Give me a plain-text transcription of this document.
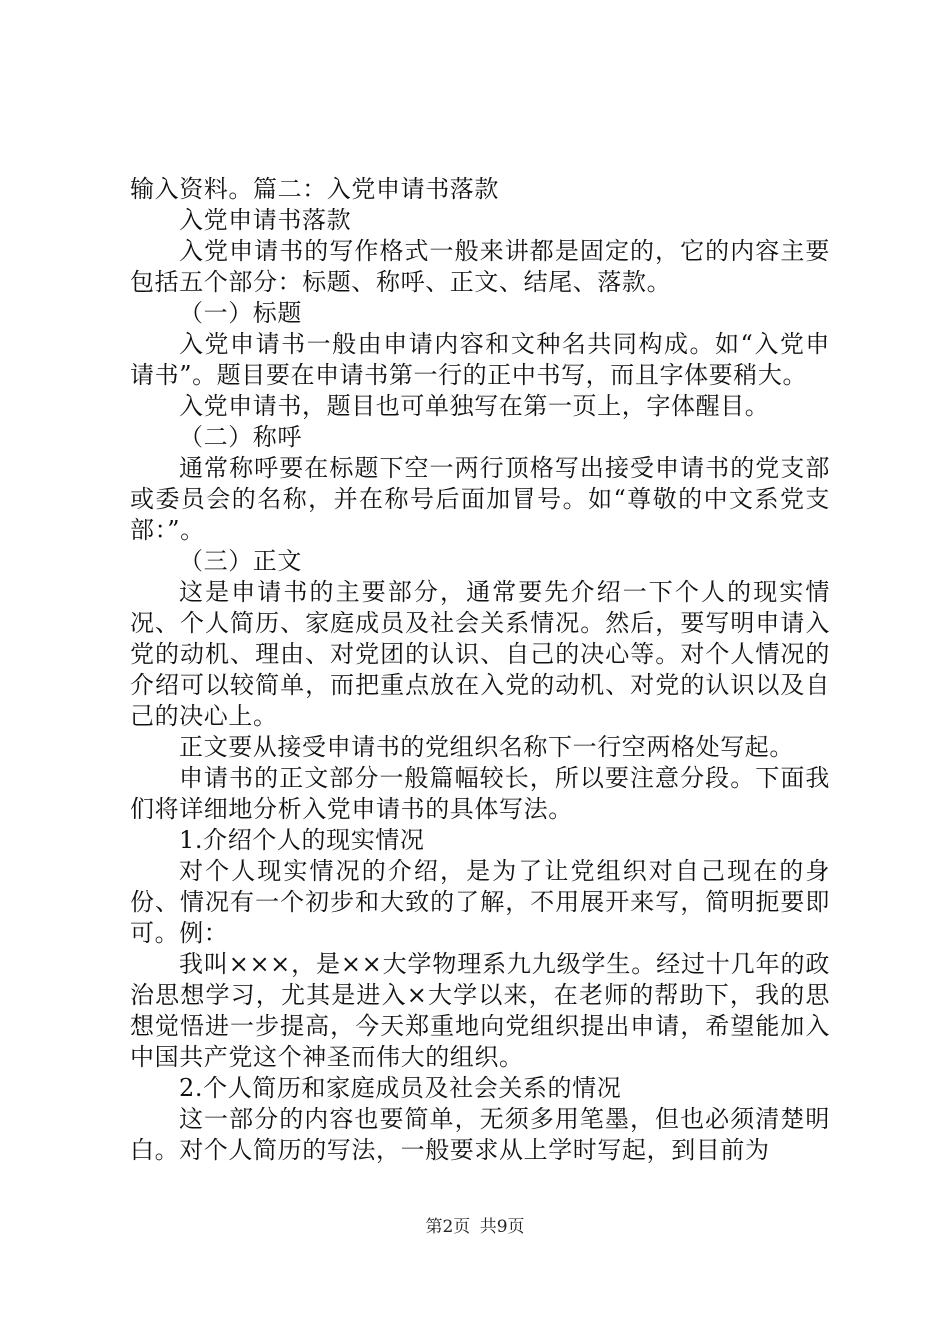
输入资料。篇二：入党申请书落款

入党申请书落款

入党申请书的写作格式一般来讲都是固定的，它的内容主要包括五个部分：标题、称呼、正文、结尾、落款。

（一）标题

入党申请书一般由申请内容和文种名共同构成。如“入党申请书”。题目要在申请书第一行的正中书写，而且字体要稍大。

入党申请书，题目也可单独写在第一页上，字体醒目。

（二）称呼

通常称呼要在标题下空一两行顶格写出接受申请书的党支部或委员会的名称，并在称号后面加冒号。如“尊敬的中文系党支部：”。

（三）正文

这是申请书的主要部分，通常要先介绍一下个人的现实情况、个人简历、家庭成员及社会关系情况。然后，要写明申请入党的动机、理由、对党团的认识、自己的决心等。对个人情况的介绍可以较简单，而把重点放在入党的动机、对党的认识以及自己的决心上。

正文要从接受申请书的党组织名称下一行空两格处写起。

申请书的正文部分一般篇幅较长，所以要注意分段。下面我们将详细地分析入党申请书的具体写法。

1.介绍个人的现实情况

对个人现实情况的介绍，是为了让党组织对自己现在的身份、情况有一个初步和大致的了解，不用展开来写，简明扼要即可。例：

我叫×××，是××大学物理系九九级学生。经过十几年的政治思想学习，尤其是进入×大学以来，在老师的帮助下，我的思想觉悟进一步提高，今天郑重地向党组织提出申请，希望能加入中国共产党这个神圣而伟大的组织。

2.个人简历和家庭成员及社会关系的情况

这一部分的内容也要简单，无须多用笔墨，但也必须清楚明白。对个人简历的写法，一般要求从上学时写起，到目前为

第2页 共9页
